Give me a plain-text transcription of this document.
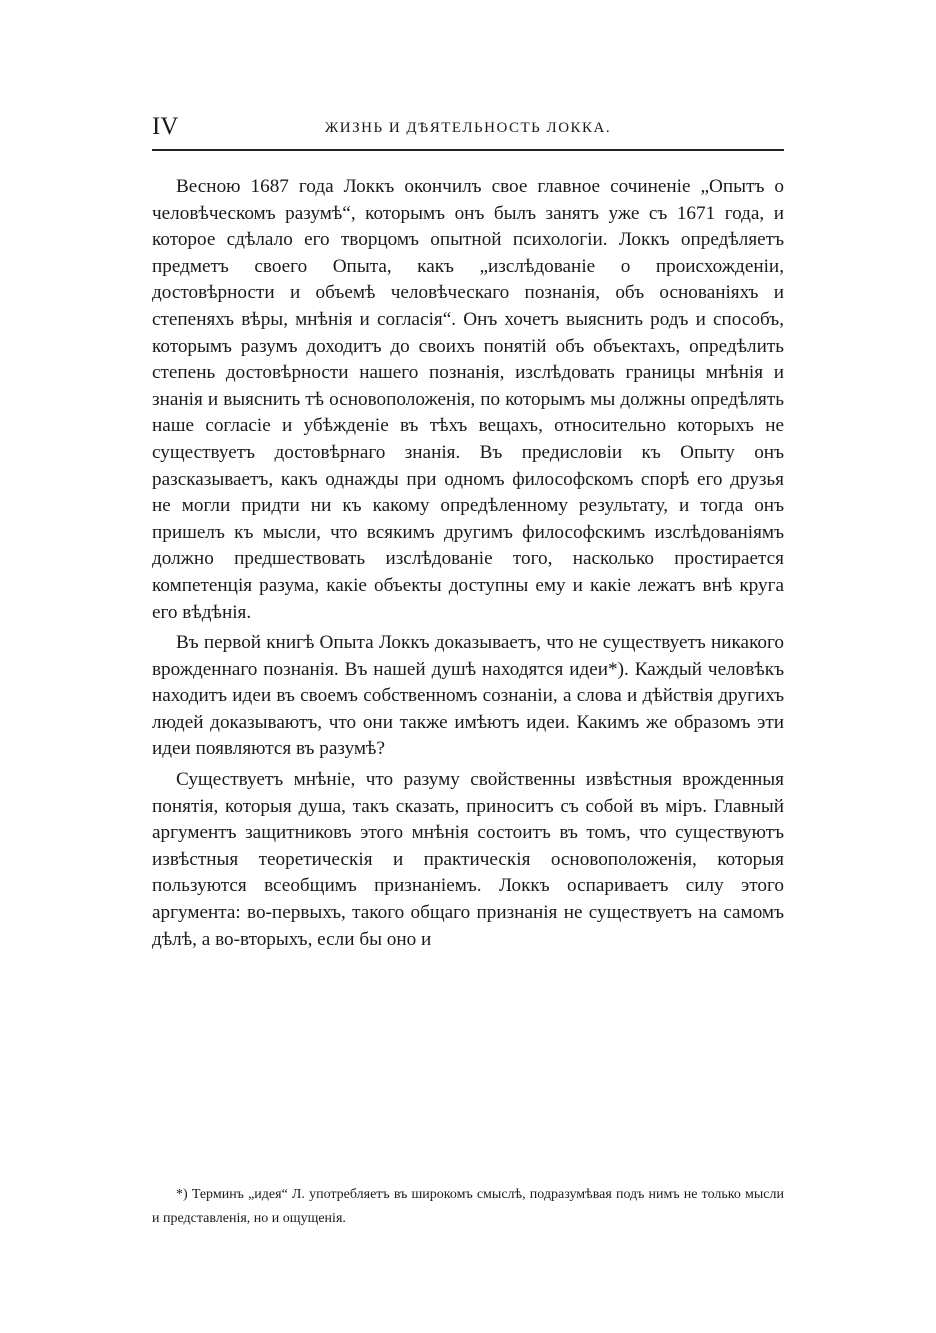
IV	ЖИЗНЬ И ДѢЯТЕЛЬНОСТЬ ЛОККА.

Весною 1687 года Локкъ окончилъ свое главное сочиненіе „Опытъ о человѣческомъ разумѣ“, которымъ онъ былъ занятъ уже съ 1671 года, и которое сдѣлало его творцомъ опытной психологіи. Локкъ опредѣляетъ предметъ своего Опыта, какъ „изслѣдованіе о происхожденіи, достовѣрности и объемѣ человѣческаго познанія, объ основаніяхъ и степеняхъ вѣры, мнѣнія и согласія“. Онъ хочетъ выяснить родъ и способъ, которымъ разумъ доходитъ до своихъ понятій объ объектахъ, опредѣлить степень достовѣрности нашего познанія, изслѣдовать границы мнѣнія и знанія и выяснить тѣ основоположенія, по которымъ мы должны опредѣлять наше согласіе и убѣжденіе въ тѣхъ вещахъ, относительно которыхъ не существуетъ достовѣрнаго знанія. Въ предисловіи къ Опыту онъ разсказываетъ, какъ однажды при одномъ философскомъ спорѣ его друзья не могли придти ни къ какому опредѣленному результату, и тогда онъ пришелъ къ мысли, что всякимъ другимъ философскимъ изслѣдованіямъ должно предшествовать изслѣдованіе того, насколько простирается компетенція разума, какіе объекты доступны ему и какіе лежатъ внѣ круга его вѣдѣнія.

Въ первой книгѣ Опыта Локкъ доказываетъ, что не существуетъ никакого врожденнаго познанія. Въ нашей душѣ находятся идеи*). Каждый человѣкъ находитъ идеи въ своемъ собственномъ сознаніи, а слова и дѣйствія другихъ людей доказываютъ, что они также имѣютъ идеи. Какимъ же образомъ эти идеи появляются въ разумѣ?

Существуетъ мнѣніе, что разуму свойственны извѣстныя врожденныя понятія, которыя душа, такъ сказать, приноситъ съ собой въ міръ. Главный аргументъ защитниковъ этого мнѣнія состоитъ въ томъ, что существуютъ извѣстныя теоретическія и практическія основоположенія, которыя пользуются всеобщимъ признаніемъ. Локкъ оспариваетъ силу этого аргумента: во-первыхъ, такого общаго признанія не существуетъ на самомъ дѣлѣ, а во-вторыхъ, если бы оно и

*) Терминъ „идея“ Л. употребляетъ въ широкомъ смыслѣ, подразумѣвая подъ нимъ не только мысли и представленія, но и ощущенія.
